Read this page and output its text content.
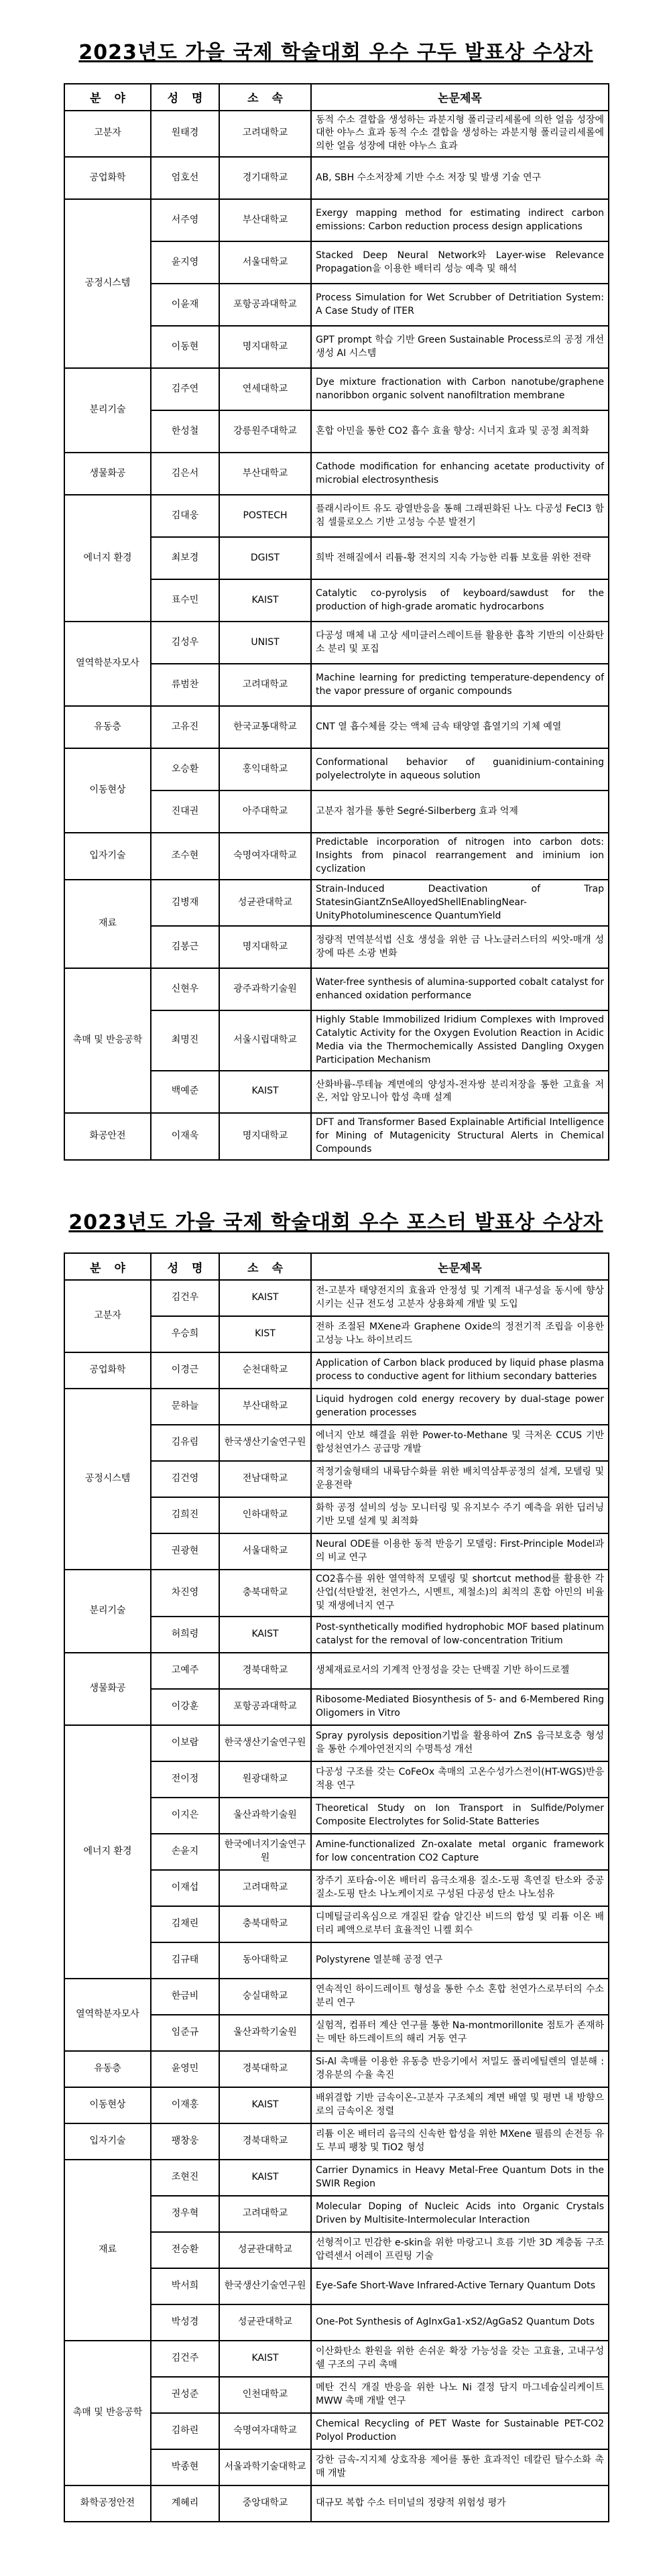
2023년도 가을 국제 학술대회 우수 구두 발표상 수상자
분 야	성 명	소 속	논문제목
고분자	원태경	고려대학교	동적 수소 결합을 생성하는 과분지형 폴리글리세롤에 의한 얼음 성장에 대한 야누스 효과 동적 수소 결합을 생성하는 과분지형 폴리글리세롤에 의한 얼음 성장에 대한 야누스 효과
공업화학	엄호선	경기대학교	AB, SBH 수소저장체 기반 수소 저장 및 발생 기술 연구
공정시스템	서주영	부산대학교	Exergy mapping method for estimating indirect carbon emissions: Carbon reduction process design applications
	윤지영	서울대학교	Stacked Deep Neural Network와 Layer-wise Relevance Propagation을 이용한 배터리 성능 예측 및 해석
	이윤재	포항공과대학교	Process Simulation for Wet Scrubber of Detritiation System: A Case Study of ITER
	이동현	명지대학교	GPT prompt 학습 기반 Green Sustainable Process로의 공정 개선 생성 AI 시스템
분리기술	김주연	연세대학교	Dye mixture fractionation with Carbon nanotube/graphene nanoribbon organic solvent nanofiltration membrane
	한성철	강릉원주대학교	혼합 아민을 통한 CO2 흡수 효율 향상: 시너지 효과 및 공정 최적화
생물화공	김은서	부산대학교	Cathode modification for enhancing acetate productivity of microbial electrosynthesis
에너지 환경	김대웅	POSTECH	플래시라이트 유도 광열반응을 통해 그래핀화된 나노 다공성 FeCl3 함침 셀룰로오스 기반 고성능 수분 발전기
	최보경	DGIST	희박 전해질에서 리튬-황 전지의 지속 가능한 리튬 보호를 위한 전략
	표수민	KAIST	Catalytic co-pyrolysis of keyboard/sawdust for the production of high-grade aromatic hydrocarbons
열역학분자모사	김성우	UNIST	다공성 매체 내 고상 세미클러스레이트를 활용한 흡착 기반의 이산화탄소 분리 및 포집
	류범찬	고려대학교	Machine learning for predicting temperature-dependency of the vapor pressure of organic compounds
유동층	고유진	한국교통대학교	CNT 열 흡수체를 갖는 액체 금속 태양열 흡열기의 기체 예열
이동현상	오승환	홍익대학교	Conformational behavior of guanidinium-containing polyelectrolyte in aqueous solution
	진대권	아주대학교	고분자 첨가를 통한 Segré-Silberberg 효과 억제
입자기술	조수현	숙명여자대학교	Predictable incorporation of nitrogen into carbon dots: Insights from pinacol rearrangement and iminium ion cyclization
재료	김병재	성균관대학교	Strain-Induced Deactivation of Trap StatesinGiantZnSeAlloyedShellEnablingNear-UnityPhotoluminescence QuantumYield
	김봉근	명지대학교	정량적 면역분석법 신호 생성을 위한 금 나노클러스터의 씨앗-매개 성장에 따른 소광 변화
촉매 및 반응공학	신현우	광주과학기술원	Water-free synthesis of alumina-supported cobalt catalyst for enhanced oxidation performance
	최명진	서울시립대학교	Highly Stable Immobilized Iridium Complexes with Improved Catalytic Activity for the Oxygen Evolution Reaction in Acidic Media via the Thermochemically Assisted Dangling Oxygen Participation Mechanism
	백예준	KAIST	산화바륨-루테늄 계면에의 양성자-전자쌍 분리저장을 통한 고효율 저온, 저압 암모니아 합성 촉매 설계
화공안전	이재욱	명지대학교	DFT and Transformer Based Explainable Artificial Intelligence for Mining of Mutagenicity Structural Alerts in Chemical Compounds
2023년도 가을 국제 학술대회 우수 포스터 발표상 수상자
분 야	성 명	소 속	논문제목
고분자	김건우	KAIST	전-고분자 태양전지의 효율과 안정성 및 기계적 내구성을 동시에 향상시키는 신규 전도성 고분자 상용화제 개발 및 도입
	우승희	KIST	전하 조절된 MXene과 Graphene Oxide의 정전기적 조립을 이용한 고성능 나노 하이브리드
공업화학	이경근	순천대학교	Application of Carbon black produced by liquid phase plasma process to conductive agent for lithium secondary batteries
공정시스템	문하늘	부산대학교	Liquid hydrogen cold energy recovery by dual-stage power generation processes
	김유림	한국생산기술연구원	에너지 안보 해결을 위한 Power-to-Methane 및 극저온 CCUS 기반 합성천연가스 공급망 개발
	김건영	전남대학교	적정기술형태의 내륙담수화를 위한 배치역삼투공정의 설계, 모델링 및 운용전략
	김희진	인하대학교	화학 공정 설비의 성능 모니터링 및 유지보수 주기 예측을 위한 딥러닝 기반 모델 설계 및 최적화
	권광현	서울대학교	Neural ODE를 이용한 동적 반응기 모델링: First-Principle Model과의 비교 연구
분리기술	차진영	충북대학교	CO2흡수를 위한 열역학적 모델링 및 shortcut method를 활용한 각 산업(석탄발전, 천연가스, 시멘트, 제철소)의 최적의 혼합 아민의 비율 및 재생에너지 연구
	허희령	KAIST	Post-synthetically modified hydrophobic MOF based platinum catalyst for the removal of low-concentration Tritium
생물화공	고예주	경북대학교	생체재료로서의 기계적 안정성을 갖는 단백질 기반 하이드로젤
	이강훈	포항공과대학교	Ribosome-Mediated Biosynthesis of 5- and 6-Membered Ring Oligomers in Vitro
에너지 환경	이보람	한국생산기술연구원	Spray pyrolysis deposition기법을 활용하여 ZnS 음극보호층 형성을 통한 수계아연전지의 수명특성 개선
	전이정	원광대학교	다공성 구조를 갖는 CoFeOx 촉매의 고온수성가스전이(HT-WGS)반응 적용 연구
	이지은	울산과학기술원	Theoretical Study on Ion Transport in Sulfide/Polymer Composite Electrolytes for Solid-State Batteries
	손윤지	한국에너지기술연구원	Amine-functionalized Zn-oxalate metal organic framework for low concentration CO2 Capture
	이재섭	고려대학교	장주기 포타슘-이온 배터리 음극소재용 질소-도핑 흑연질 탄소와 중공 질소-도핑 탄소 나노케이지로 구성된 다공성 탄소 나노섬유
	김채린	충북대학교	디메틸글리옥심으로 개질된 칼슘 알긴산 비드의 합성 및 리튬 이온 배터리 폐액으로부터 효율적인 니켈 회수
	김규태	동아대학교	Polystyrene 열분해 공정 연구
열역학분자모사	한금비	숭실대학교	연속적인 하이드레이트 형성을 통한 수소 혼합 천연가스로부터의 수소 분리 연구
	임준규	울산과학기술원	실험적, 컴퓨터 계산 연구를 통한 Na-montmorillonite 점토가 존재하는 메탄 하드레이트의 해리 거동 연구
유동층	윤영민	경북대학교	Si-Al 촉매를 이용한 유동층 반응기에서 저밀도 폴리에틸렌의 열분해 : 경유분의 수율 촉진
이동현상	이재홍	KAIST	배위결합 기반 금속이온-고분자 구조체의 계면 배열 및 평면 내 방향으로의 금속이온 정렬
입자기술	팽창웅	경북대학교	리튬 이온 배터리 음극의 신속한 합성을 위한 MXene 필름의 손전등 유도 부피 팽창 및 TiO2 형성
재료	조현진	KAIST	Carrier Dynamics in Heavy Metal-Free Quantum Dots in the SWIR Region
	정우혁	고려대학교	Molecular Doping of Nucleic Acids into Organic Crystals Driven by Multisite-Intermolecular Interaction
	전승환	성균관대학교	선형적이고 민감한 e-skin을 위한 마랑고니 흐름 기반 3D 계층돔 구조 압력센서 어레이 프린팅 기술
	박서희	한국생산기술연구원	Eye-Safe Short-Wave Infrared-Active Ternary Quantum Dots
	박성경	성균관대학교	One-Pot Synthesis of AgInxGa1-xS2/AgGaS2 Quantum Dots
촉매 및 반응공학	김건주	KAIST	이산화탄소 환원을 위한 손쉬운 확장 가능성을 갖는 고효율, 고내구성 쉘 구조의 구리 촉매
	권성준	인천대학교	메탄 건식 개질 반응을 위한 나노 Ni 결정 담지 마그네슘실리케이트 MWW 촉매 개발 연구
	김하린	숙명여자대학교	Chemical Recycling of PET Waste for Sustainable PET-CO2 Polyol Production
	박종현	서울과학기술대학교	강한 금속-지지체 상호작용 제어를 통한 효과적인 데칼린 탈수소화 촉매 개발
화학공정안전	계혜리	중앙대학교	대규모 복합 수소 터미널의 정량적 위험성 평가
